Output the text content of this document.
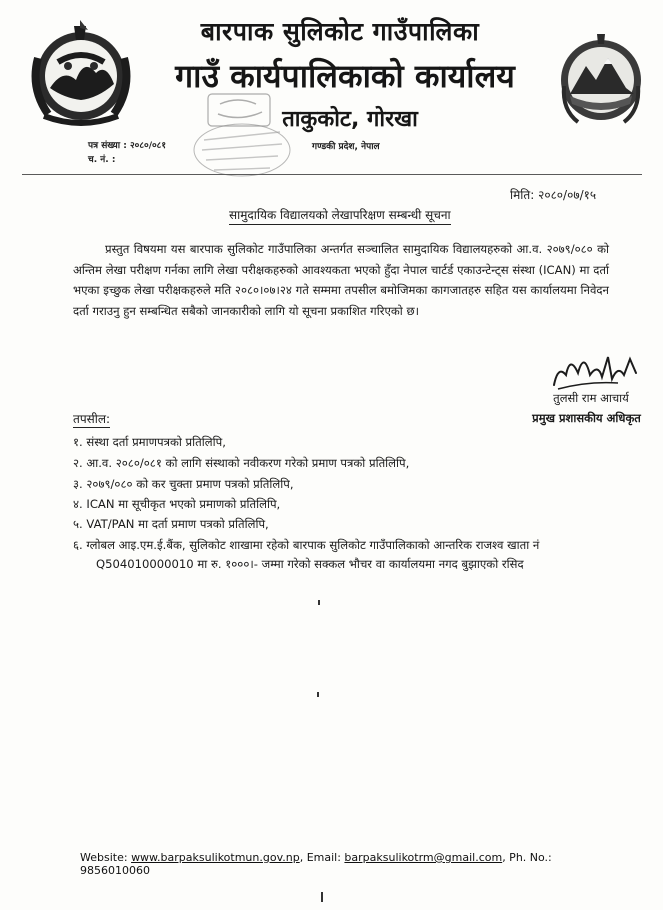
बारपाक सुलिकोट गाउँपालिका
गाउँ कार्यपालिकाको कार्यालय
ताकुकोट, गोरखा
पत्र संख्या : २०८०/०८१
च. नं. :
गण्डकी प्रदेश, नेपाल
मिति: २०८०/०७/१५
सामुदायिक विद्यालयको लेखापरिक्षण सम्बन्धी सूचना
प्रस्तुत विषयमा यस बारपाक सुलिकोट गाउँपालिका अन्तर्गत सञ्चालित सामुदायिक विद्यालयहरुको आ.व. २०७९/०८० को अन्तिम लेखा परीक्षण गर्नका लागि लेखा परीक्षकहरुको आवश्यकता भएको हुँदा नेपाल चार्टर्ड एकाउन्टेन्ट्स संस्था (ICAN) मा दर्ता भएका इच्छुक लेखा परीक्षकहरुले मति २०८०।०७।२४ गते सम्ममा तपसील बमोजिमका कागजातहरु सहित यस कार्यालयमा निवेदन दर्ता गराउनु हुन सम्बन्धित सबैको जानकारीको लागि यो सूचना प्रकाशित गरिएको छ।
तुलसी राम आचार्य
प्रमुख प्रशासकीय अधिकृत
तपसील:
१. संस्था दर्ता प्रमाणपत्रको प्रतिलिपि,
२. आ.व. २०८०/०८१ को लागि संस्थाको नवीकरण गरेको प्रमाण पत्रको प्रतिलिपि,
३. २०७९/०८० को कर चुक्ता प्रमाण पत्रको प्रतिलिपि,
४. ICAN मा सूचीकृत भएको प्रमाणको प्रतिलिपि,
५. VAT/PAN मा दर्ता प्रमाण पत्रको प्रतिलिपि,
६. ग्लोबल आइ.एम.ई.बैंक, सुलिकोट शाखामा रहेको बारपाक सुलिकोट गाउँपालिकाको आन्तरिक राजश्व खाता नं
Q504010000010 मा रु. १०००।- जम्मा गरेको सक्कल भौचर वा कार्यालयमा नगद बुझाएको रसिद
Website: www.barpaksulikotmun.gov.np, Email: barpaksulikotrm@gmail.com, Ph. No.: 9856010060
